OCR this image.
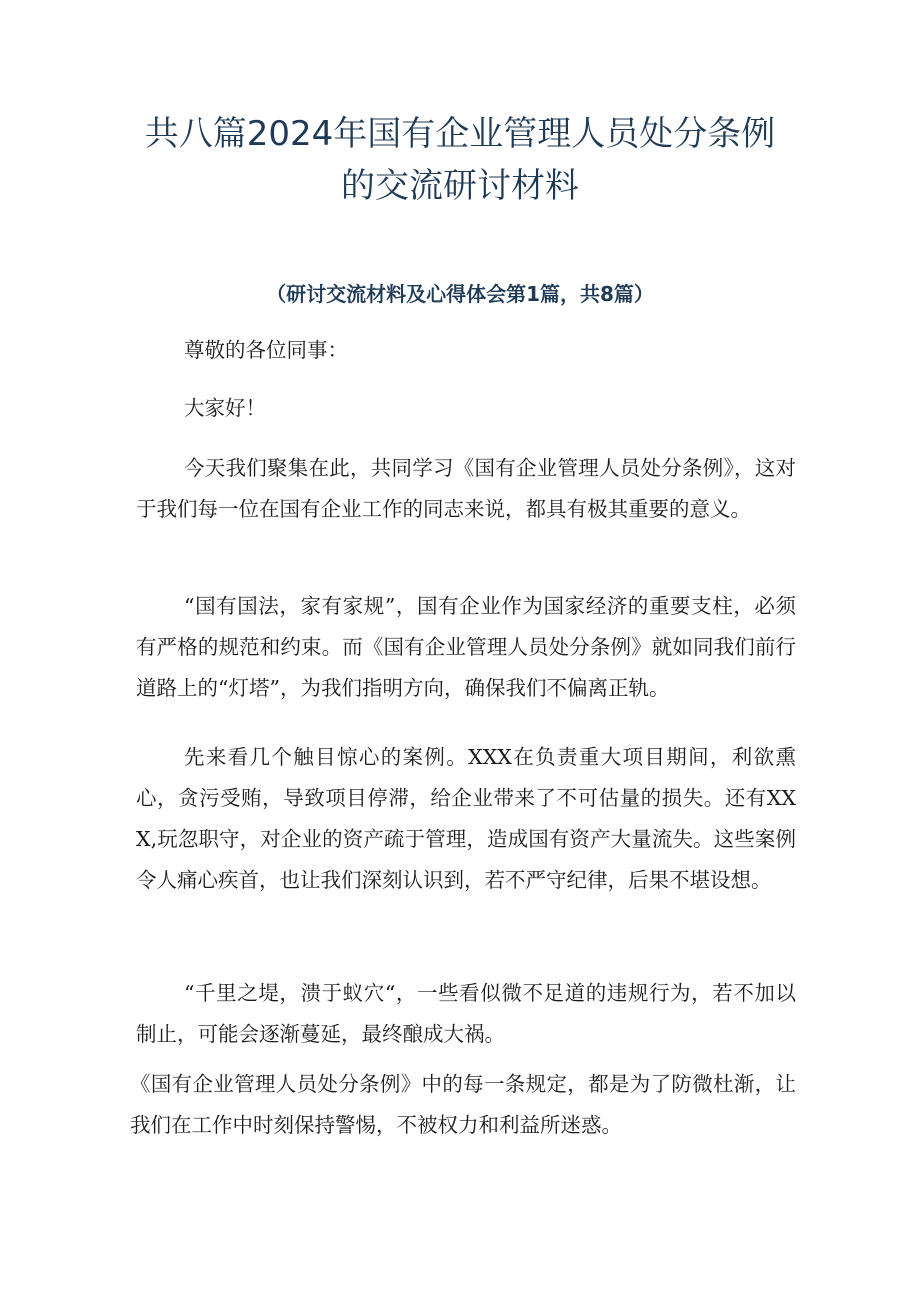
共八篇2024年国有企业管理人员处分条例
的交流研讨材料
（研讨交流材料及心得体会第1篇，共8篇）

尊敬的各位同事：

大家好！

今天我们聚集在此，共同学习《国有企业管理人员处分条例》，这对于我们每一位在国有企业工作的同志来说，都具有极其重要的意义。

“国有国法，家有家规”，国有企业作为国家经济的重要支柱，必须有严格的规范和约束。而《国有企业管理人员处分条例》就如同我们前行道路上的“灯塔”，为我们指明方向，确保我们不偏离正轨。

先来看几个触目惊心的案例。XXX在负责重大项目期间，利欲熏心，贪污受贿，导致项目停滞，给企业带来了不可估量的损失。还有XXX,玩忽职守，对企业的资产疏于管理，造成国有资产大量流失。这些案例令人痛心疾首，也让我们深刻认识到，若不严守纪律，后果不堪设想。

“千里之堤，溃于蚁穴“，一些看似微不足道的违规行为，若不加以制止，可能会逐渐蔓延，最终酿成大祸。

《国有企业管理人员处分条例》中的每一条规定，都是为了防微杜渐，让我们在工作中时刻保持警惕，不被权力和利益所迷惑。
